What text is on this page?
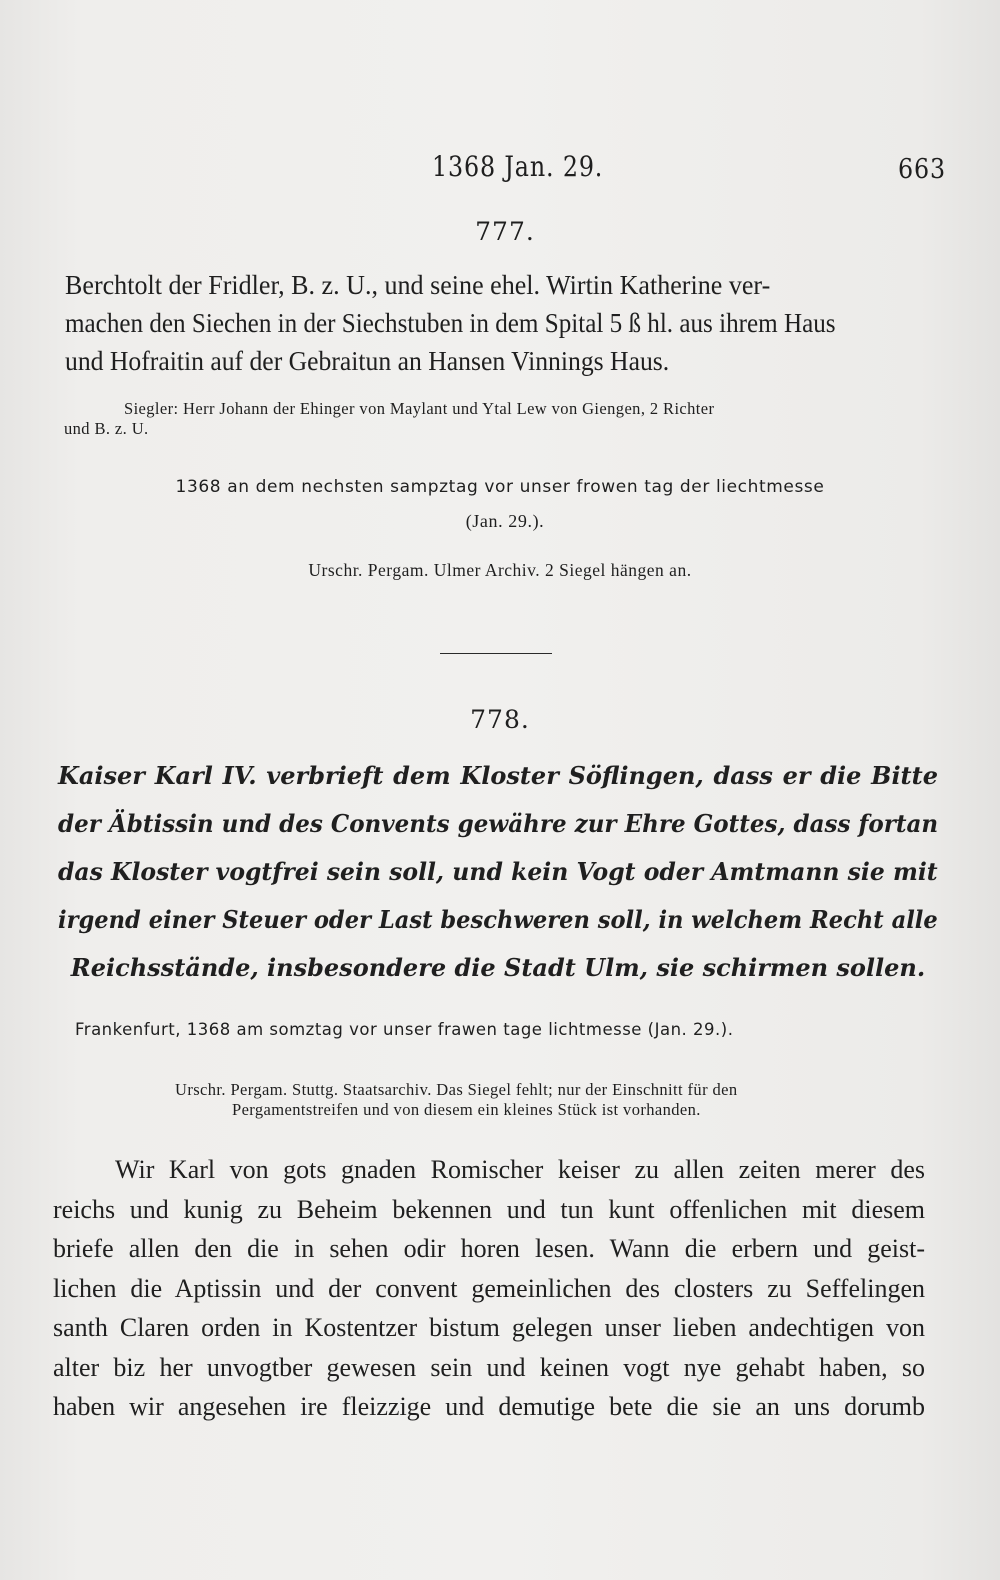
1368 Jan. 29.	663
777.
Berchtolt der Fridler, B. z. U., und seine ehel. Wirtin Katherine ver-
machen den Siechen in der Siechstuben in dem Spital 5 ß hl. aus ihrem Haus
und Hofraitin auf der Gebraitun an Hansen Vinnings Haus.
Siegler: Herr Johann der Ehinger von Maylant und Ytal Lew von Giengen, 2 Richter
und B. z. U.
1368 an dem nechsten sampztag vor unser frowen tag der liechtmesse
(Jan. 29.).
Urschr. Pergam. Ulmer Archiv. 2 Siegel hängen an.
778.
Kaiser Karl IV. verbrieft dem Kloster Söflingen, dass er die Bitte
der Äbtissin und des Convents gewähre zur Ehre Gottes, dass fortan
das Kloster vogtfrei sein soll, und kein Vogt oder Amtmann sie mit
irgend einer Steuer oder Last beschweren soll, in welchem Recht alle
Reichsstände, insbesondere die Stadt Ulm, sie schirmen sollen.
Frankenfurt, 1368 am somztag vor unser frawen tage lichtmesse (Jan. 29.).
Urschr. Pergam. Stuttg. Staatsarchiv. Das Siegel fehlt; nur der Einschnitt für den
Pergamentstreifen und von diesem ein kleines Stück ist vorhanden.
Wir Karl von gots gnaden Romischer keiser zu allen zeiten merer des
reichs und kunig zu Beheim bekennen und tun kunt offenlichen mit diesem
briefe allen den die in sehen odir horen lesen. Wann die erbern und geist-
lichen die Aptissin und der convent gemeinlichen des closters zu Seffelingen
santh Claren orden in Kostentzer bistum gelegen unser lieben andechtigen von
alter biz her unvogtber gewesen sein und keinen vogt nye gehabt haben, so
haben wir angesehen ire fleizzige und demutige bete die sie an uns dorumb
